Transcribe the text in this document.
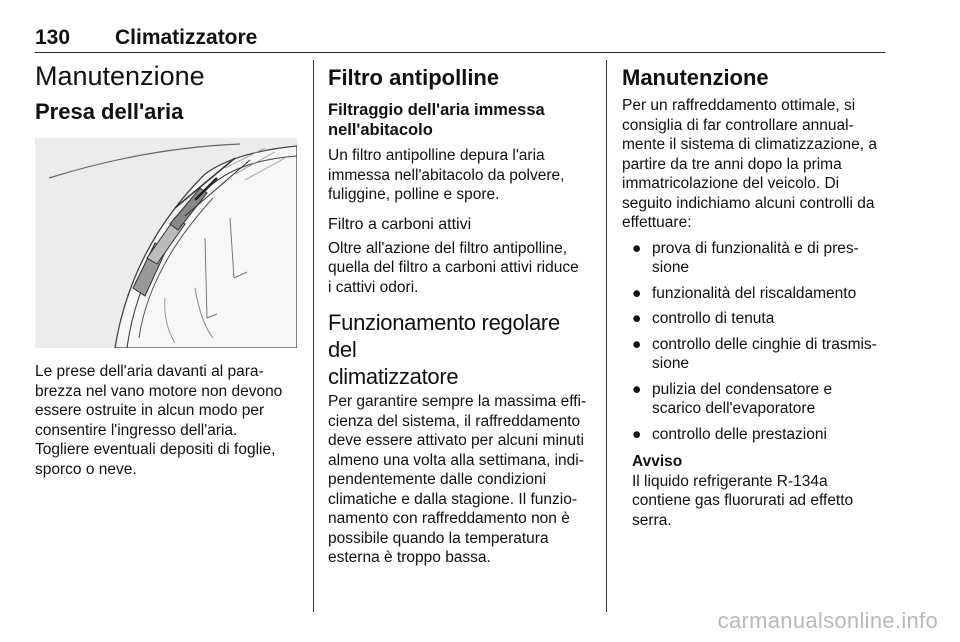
130 Climatizzatore
Manutenzione
Presa dell'aria
Le prese dell'aria davanti al para-
brezza nel vano motore non devono
essere ostruite in alcun modo per
consentire l'ingresso dell'aria.
Togliere eventuali depositi di foglie,
sporco o neve.
Filtro antipolline
Filtraggio dell'aria immessa
nell'abitacolo
Un filtro antipolline depura l'aria
immessa nell'abitacolo da polvere,
fuliggine, polline e spore.
Filtro a carboni attivi
Oltre all'azione del filtro antipolline,
quella del filtro a carboni attivi riduce
i cattivi odori.
Funzionamento regolare del
climatizzatore
Per garantire sempre la massima effi-
cienza del sistema, il raffreddamento
deve essere attivato per alcuni minuti
almeno una volta alla settimana, indi-
pendentemente dalle condizioni
climatiche e dalla stagione. Il funzio-
namento con raffreddamento non è
possibile quando la temperatura
esterna è troppo bassa.
Manutenzione
Per un raffreddamento ottimale, si
consiglia di far controllare annual-
mente il sistema di climatizzazione, a
partire da tre anni dopo la prima
immatricolazione del veicolo. Di
seguito indichiamo alcuni controlli da
effettuare:
● prova di funzionalità e di pres-
sione
● funzionalità del riscaldamento
● controllo di tenuta
● controllo delle cinghie di trasmis-
sione
● pulizia del condensatore e
scarico dell'evaporatore
● controllo delle prestazioni
Avviso
Il liquido refrigerante R-134a
contiene gas fluorurati ad effetto
serra.
carmanualsonline.info
